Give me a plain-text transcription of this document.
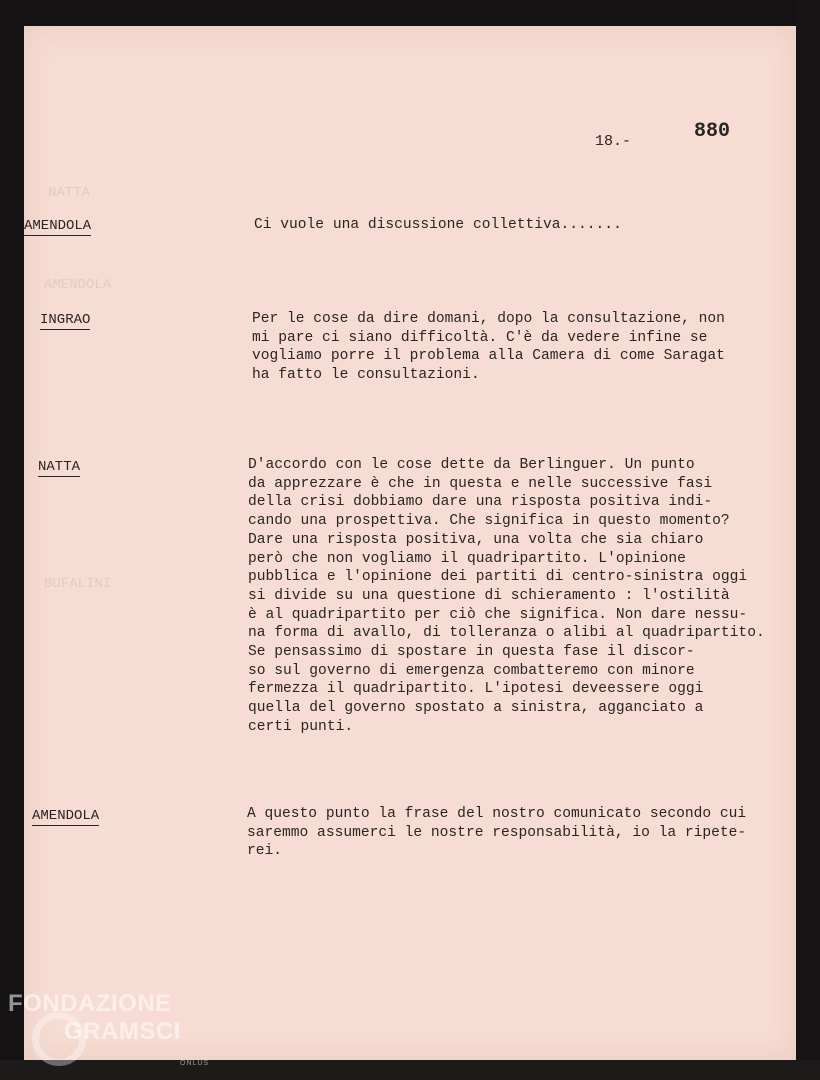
NATTA
AMENDOLA
BUFALINI
18.-	880
AMENDOLA	Ci vuole una discussione collettiva.......
INGRAO	Per le cose da dire domani, dopo la consultazione, non
mi pare ci siano difficoltà. C'è da vedere infine se
vogliamo porre il problema alla Camera di come Saragat
ha fatto le consultazioni.
NATTA	D'accordo con le cose dette da Berlinguer. Un punto
da apprezzare è che in questa e nelle successive fasi
della crisi dobbiamo dare una risposta positiva indi-
cando una prospettiva. Che significa in questo momento?
Dare una risposta positiva, una volta che sia chiaro
però che non vogliamo il quadripartito. L'opinione
pubblica e l'opinione dei partiti di centro-sinistra oggi
si divide su una questione di schieramento : l'ostilità
è al quadripartito per ciò che significa. Non dare nessu-
na forma di avallo, di tolleranza o alibi al quadripartito.
Se pensassimo di spostare in questa fase il discor-
so sul governo di emergenza combatteremo con minore
fermezza il quadripartito. L'ipotesi deveessere oggi
quella del governo spostato a sinistra, agganciato a
certi punti.
AMENDOLA	A questo punto la frase del nostro comunicato secondo cui
saremmo assumerci le nostre responsabilità, io la ripete-
rei.
FONDAZIONE
GRAMSCI
ONLUS
